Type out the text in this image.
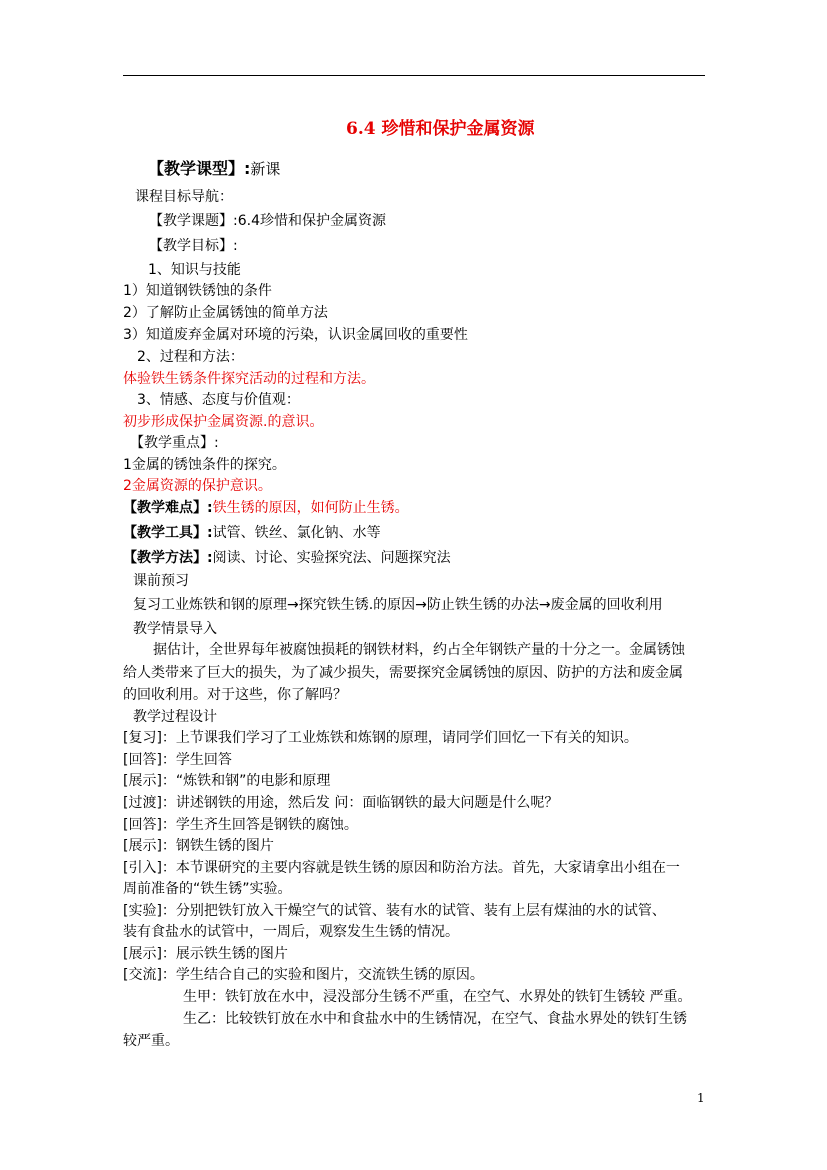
6.4 珍惜和保护金属资源
【教学课型】:新课
课程目标导航：
【教学课题】:6.4珍惜和保护金属资源
【教学目标】:
1、知识与技能
1）知道钢铁锈蚀的条件
2）了解防止金属锈蚀的简单方法
3）知道废弃金属对环境的污染，认识金属回收的重要性
2、过程和方法：
体验铁生锈条件探究活动的过程和方法。
3、情感、态度与价值观：
初步形成保护金属资源.的意识。
【教学重点】:
1金属的锈蚀条件的探究。
2金属资源的保护意识。
【教学难点】:铁生锈的原因，如何防止生锈。
【教学工具】:试管、铁丝、氯化钠、水等
【教学方法】:阅读、讨论、实验探究法、问题探究法
课前预习
复习工业炼铁和钢的原理→探究铁生锈.的原因→防止铁生锈的办法→废金属的回收利用
教学情景导入
据估计，全世界每年被腐蚀损耗的钢铁材料，约占全年钢铁产量的十分之一。金属锈蚀
给人类带来了巨大的损失，为了减少损失，需要探究金属锈蚀的原因、防护的方法和废金属
的回收利用。对于这些，你了解吗？
教学过程设计
[复习]：上节课我们学习了工业炼铁和炼钢的原理，请同学们回忆一下有关的知识。
[回答]：学生回答
[展示]：“炼铁和钢”的电影和原理
[过渡]：讲述钢铁的用途，然后发 问：面临钢铁的最大问题是什么呢？
[回答]：学生齐生回答是钢铁的腐蚀。
[展示]：钢铁生锈的图片
[引入]：本节课研究的主要内容就是铁生锈的原因和防治方法。首先，大家请拿出小组在一
周前准备的“铁生锈”实验。
[实验]：分别把铁钉放入干燥空气的试管、装有水的试管、装有上层有煤油的水的试管、
装有食盐水的试管中，一周后，观察发生生锈的情况。
[展示]：展示铁生锈的图片
[交流]：学生结合自己的实验和图片，交流铁生锈的原因。
生甲：铁钉放在水中，浸没部分生锈不严重，在空气、水界处的铁钉生锈较 严重。
生乙：比较铁钉放在水中和食盐水中的生锈情况，在空气、食盐水界处的铁钉生锈
较严重。
1
